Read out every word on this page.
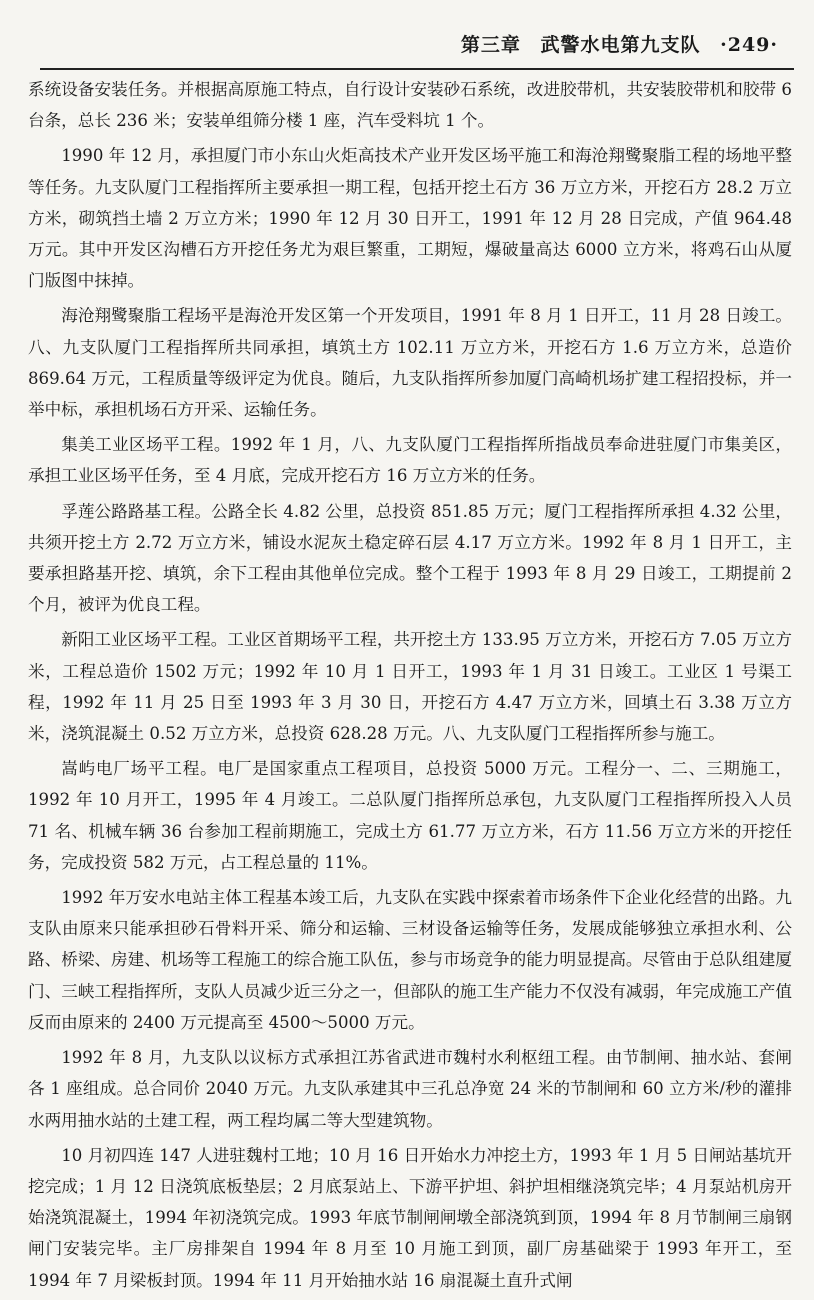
第三章 武警水电第九支队 ·249·

系统设备安装任务。并根据高原施工特点，自行设计安装砂石系统，改进胶带机，共安装胶带机和胶带 6 台条，总长 236 米；安装单组筛分楼 1 座，汽车受料坑 1 个。

1990 年 12 月，承担厦门市小东山火炬高技术产业开发区场平施工和海沧翔鹭聚脂工程的场地平整等任务。九支队厦门工程指挥所主要承担一期工程，包括开挖土石方 36 万立方米，开挖石方 28.2 万立方米，砌筑挡土墙 2 万立方米；1990 年 12 月 30 日开工，1991 年 12 月 28 日完成，产值 964.48 万元。其中开发区沟槽石方开挖任务尤为艰巨繁重，工期短，爆破量高达 6000 立方米，将鸡石山从厦门版图中抹掉。

海沧翔鹭聚脂工程场平是海沧开发区第一个开发项目，1991 年 8 月 1 日开工，11 月 28 日竣工。八、九支队厦门工程指挥所共同承担，填筑土方 102.11 万立方米，开挖石方 1.6 万立方米，总造价 869.64 万元，工程质量等级评定为优良。随后，九支队指挥所参加厦门高崎机场扩建工程招投标，并一举中标，承担机场石方开采、运输任务。

集美工业区场平工程。1992 年 1 月，八、九支队厦门工程指挥所指战员奉命进驻厦门市集美区，承担工业区场平任务，至 4 月底，完成开挖石方 16 万立方米的任务。

孚莲公路路基工程。公路全长 4.82 公里，总投资 851.85 万元；厦门工程指挥所承担 4.32 公里，共须开挖土方 2.72 万立方米，铺设水泥灰土稳定碎石层 4.17 万立方米。1992 年 8 月 1 日开工，主要承担路基开挖、填筑，余下工程由其他单位完成。整个工程于 1993 年 8 月 29 日竣工，工期提前 2 个月，被评为优良工程。

新阳工业区场平工程。工业区首期场平工程，共开挖土方 133.95 万立方米，开挖石方 7.05 万立方米，工程总造价 1502 万元；1992 年 10 月 1 日开工，1993 年 1 月 31 日竣工。工业区 1 号渠工程，1992 年 11 月 25 日至 1993 年 3 月 30 日，开挖石方 4.47 万立方米，回填土石 3.38 万立方米，浇筑混凝土 0.52 万立方米，总投资 628.28 万元。八、九支队厦门工程指挥所参与施工。

嵩屿电厂场平工程。电厂是国家重点工程项目，总投资 5000 万元。工程分一、二、三期施工，1992 年 10 月开工，1995 年 4 月竣工。二总队厦门指挥所总承包，九支队厦门工程指挥所投入人员 71 名、机械车辆 36 台参加工程前期施工，完成土方 61.77 万立方米，石方 11.56 万立方米的开挖任务，完成投资 582 万元，占工程总量的 11%。

1992 年万安水电站主体工程基本竣工后，九支队在实践中探索着市场条件下企业化经营的出路。九支队由原来只能承担砂石骨料开采、筛分和运输、三材设备运输等任务，发展成能够独立承担水利、公路、桥梁、房建、机场等工程施工的综合施工队伍，参与市场竞争的能力明显提高。尽管由于总队组建厦门、三峡工程指挥所，支队人员减少近三分之一，但部队的施工生产能力不仅没有减弱，年完成施工产值反而由原来的 2400 万元提高至 4500～5000 万元。

1992 年 8 月，九支队以议标方式承担江苏省武进市魏村水利枢纽工程。由节制闸、抽水站、套闸各 1 座组成。总合同价 2040 万元。九支队承建其中三孔总净宽 24 米的节制闸和 60 立方米/秒的灌排水两用抽水站的土建工程，两工程均属二等大型建筑物。

10 月初四连 147 人进驻魏村工地；10 月 16 日开始水力冲挖土方，1993 年 1 月 5 日闸站基坑开挖完成；1 月 12 日浇筑底板垫层；2 月底泵站上、下游平护坦、斜护坦相继浇筑完毕；4 月泵站机房开始浇筑混凝土，1994 年初浇筑完成。1993 年底节制闸闸墩全部浇筑到顶，1994 年 8 月节制闸三扇钢闸门安装完毕。主厂房排架自 1994 年 8 月至 10 月施工到顶，副厂房基础梁于 1993 年开工，至 1994 年 7 月梁板封顶。1994 年 11 月开始抽水站 16 扇混凝土直升式闸
